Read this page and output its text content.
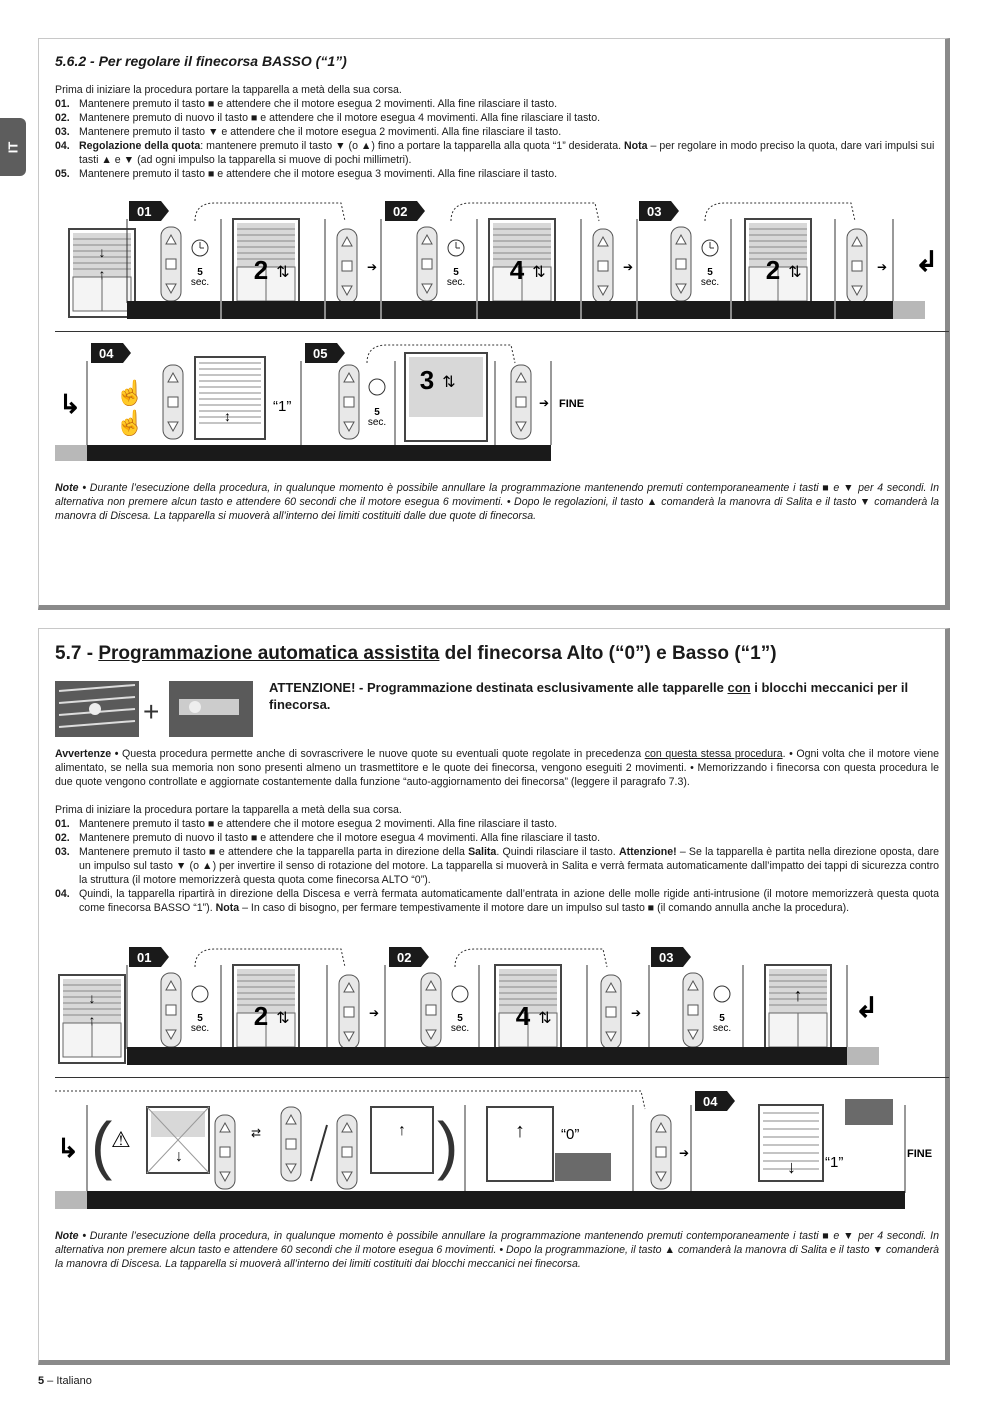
IT
5.6.2 - Per regolare il finecorsa BASSO (“1”)

Prima di iniziare la procedura portare la tapparella a metà della sua corsa.

01. Mantenere premuto il tasto ■ e attendere che il motore esegua 2 movimenti. Alla fine rilasciare il tasto.
02. Mantenere premuto di nuovo il tasto ■ e attendere che il motore esegua 4 movimenti. Alla fine rilasciare il tasto.
03. Mantenere premuto il tasto ▼ e attendere che il motore esegua 2 movimenti. Alla fine rilasciare il tasto.
04. Regolazione della quota: mantenere premuto il tasto ▼ (o ▲) fino a portare la tapparella alla quota “1” desiderata. Nota – per regolare in modo preciso la quota, dare vari impulsi sui tasti ▲ e ▼ (ad ogni impulso la tapparella si muove di pochi millimetri).
05. Mantenere premuto il tasto ■ e attendere che il motore esegua 3 movimenti. Alla fine rilasciare il tasto.
↓
↑
01	02	03
5
sec. 2 ⇅	➔	5
sec. 4 ⇅	➔	5
sec. 2 ⇅	➔ ↲
↳
04	05
☝
☝	↕
“1”	5
sec.
3 ⇅
➔ FINE
Note • Durante l’esecuzione della procedura, in qualunque momento è possibile annullare la programmazione mantenendo premuti contemporaneamente i tasti ■ e ▼ per 4 secondi. In alternativa non premere alcun tasto e attendere 60 secondi che il motore esegua 6 movimenti. • Dopo le regolazioni, il tasto ▲ comanderà la manovra di Salita e il tasto ▼ comanderà la manovra di Discesa. La tapparella si muoverà all’interno dei limiti costituiti dalle due quote di finecorsa.
5.7 - Programmazione automatica assistita del finecorsa Alto (“0”) e Basso (“1”)
+
ATTENZIONE! - Programmazione destinata esclusivamente alle tapparelle con i blocchi meccanici per il finecorsa.
Avvertenze • Questa procedura permette anche di sovrascrivere le nuove quote su eventuali quote regolate in precedenza con questa stessa procedura. • Ogni volta che il motore viene alimentato, se nella sua memoria non sono presenti almeno un trasmettitore e le quote dei finecorsa, vengono eseguiti 2 movimenti. • Memorizzando i finecorsa con questa procedura le due quote vengono controllate e aggiornate costantemente dalla funzione “auto-aggiornamento dei finecorsa” (leggere il paragrafo 7.3).

Prima di iniziare la procedura portare la tapparella a metà della sua corsa.

01. Mantenere premuto il tasto ■ e attendere che il motore esegua 2 movimenti. Alla fine rilasciare il tasto.
02. Mantenere premuto di nuovo il tasto ■ e attendere che il motore esegua 4 movimenti. Alla fine rilasciare il tasto.
03. Mantenere premuto il tasto ■ e attendere che la tapparella parta in direzione della Salita. Quindi rilasciare il tasto. Attenzione! – Se la tapparella è partita nella direzione oposta, dare un impulso sul tasto ▼ (o ▲) per invertire il senso di rotazione del motore. La tapparella si muoverà in Salita e verrà fermata automaticamente dall’impatto dei tappi di sicurezza contro la struttura (il motore memorizzerà questa quota come finecorsa ALTO “0”).
04. Quindi, la tapparella ripartirà in direzione della Discesa e verrà fermata automaticamente dall’entrata in azione delle molle rigide anti-intrusione (il motore memorizzerà questa quota come finecorsa BASSO “1”). Nota – In caso di bisogno, per fermare tempestivamente il motore dare un impulso sul tasto ■ (il comando annulla anche la procedura).
↓
↑
01	02	03
5
sec. 2 ⇅	➔	5
sec. 4 ⇅	➔	5
sec.
↑ ↲
↳ (
⚠
↓
⇄	↑ )	↑ “0”
➔
04
↓ “1”	FINE
Note • Durante l’esecuzione della procedura, in qualunque momento è possibile annullare la programmazione mantenendo premuti contemporaneamente i tasti ■ e ▼ per 4 secondi. In alternativa non premere alcun tasto e attendere 60 secondi che il motore esegua 6 movimenti. • Dopo la programmazione, il tasto ▲ comanderà la manovra di Salita e il tasto ▼ comanderà la manovra di Discesa. La tapparella si muoverà all’interno dei limiti costituiti dai blocchi meccanici nei finecorsa.
5 – Italiano
